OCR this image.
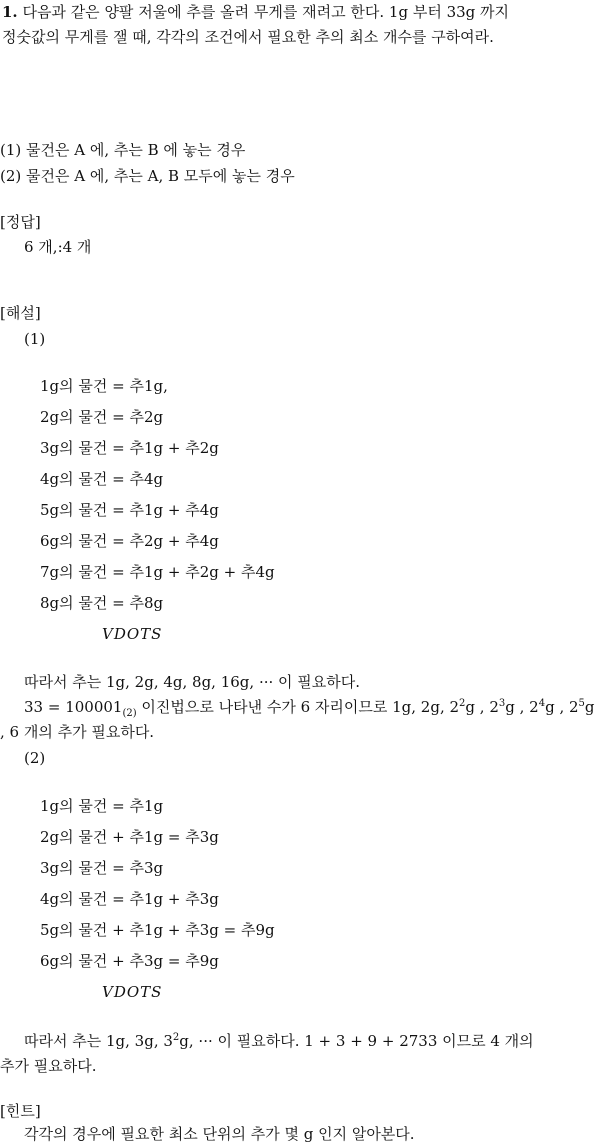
1. 다음과 같은 양팔 저울에 추를 올려 무게를 재려고 한다. 1g 부터 33g 까지
정숫값의 무게를 잴 때, 각각의 조건에서 필요한 추의 최소 개수를 구하여라.
(1) 물건은 A 에, 추는 B 에 놓는 경우
(2) 물건은 A 에, 추는 A, B 모두에 놓는 경우
[정답]
6 개,:4 개
[해설]
(1)
1g의 물건 = 추1g,
2g의 물건 = 추2g
3g의 물건 = 추1g + 추2g
4g의 물건 = 추4g
5g의 물건 = 추1g + 추4g
6g의 물건 = 추2g + 추4g
7g의 물건 = 추1g + 추2g + 추4g
8g의 물건 = 추8g
VDOTS
따라서 추는 1g, 2g, 4g, 8g, 16g, ··· 이 필요하다.
$33 = 100001_{(2)}$ 이진법으로 나타낸 수가 6 자리이므로 1g, 2g, $2^2g$ , $2^3g$ , $2^4g$ , $2^5g$
, 6 개의 추가 필요하다.
(2)
1g의 물건 = 추1g
2g의 물건 + 추1g = 추3g
3g의 물건 = 추3g
4g의 물건 = 추1g + 추3g
5g의 물건 + 추1g + 추3g = 추9g
6g의 물건 + 추3g = 추9g
VDOTS
따라서 추는 1g, 3g, $3^2g$, ··· 이 필요하다. 1 + 3 + 9 + 2733 이므로 4 개의
추가 필요하다.
[힌트]
각각의 경우에 필요한 최소 단위의 추가 몇 g 인지 알아본다.
